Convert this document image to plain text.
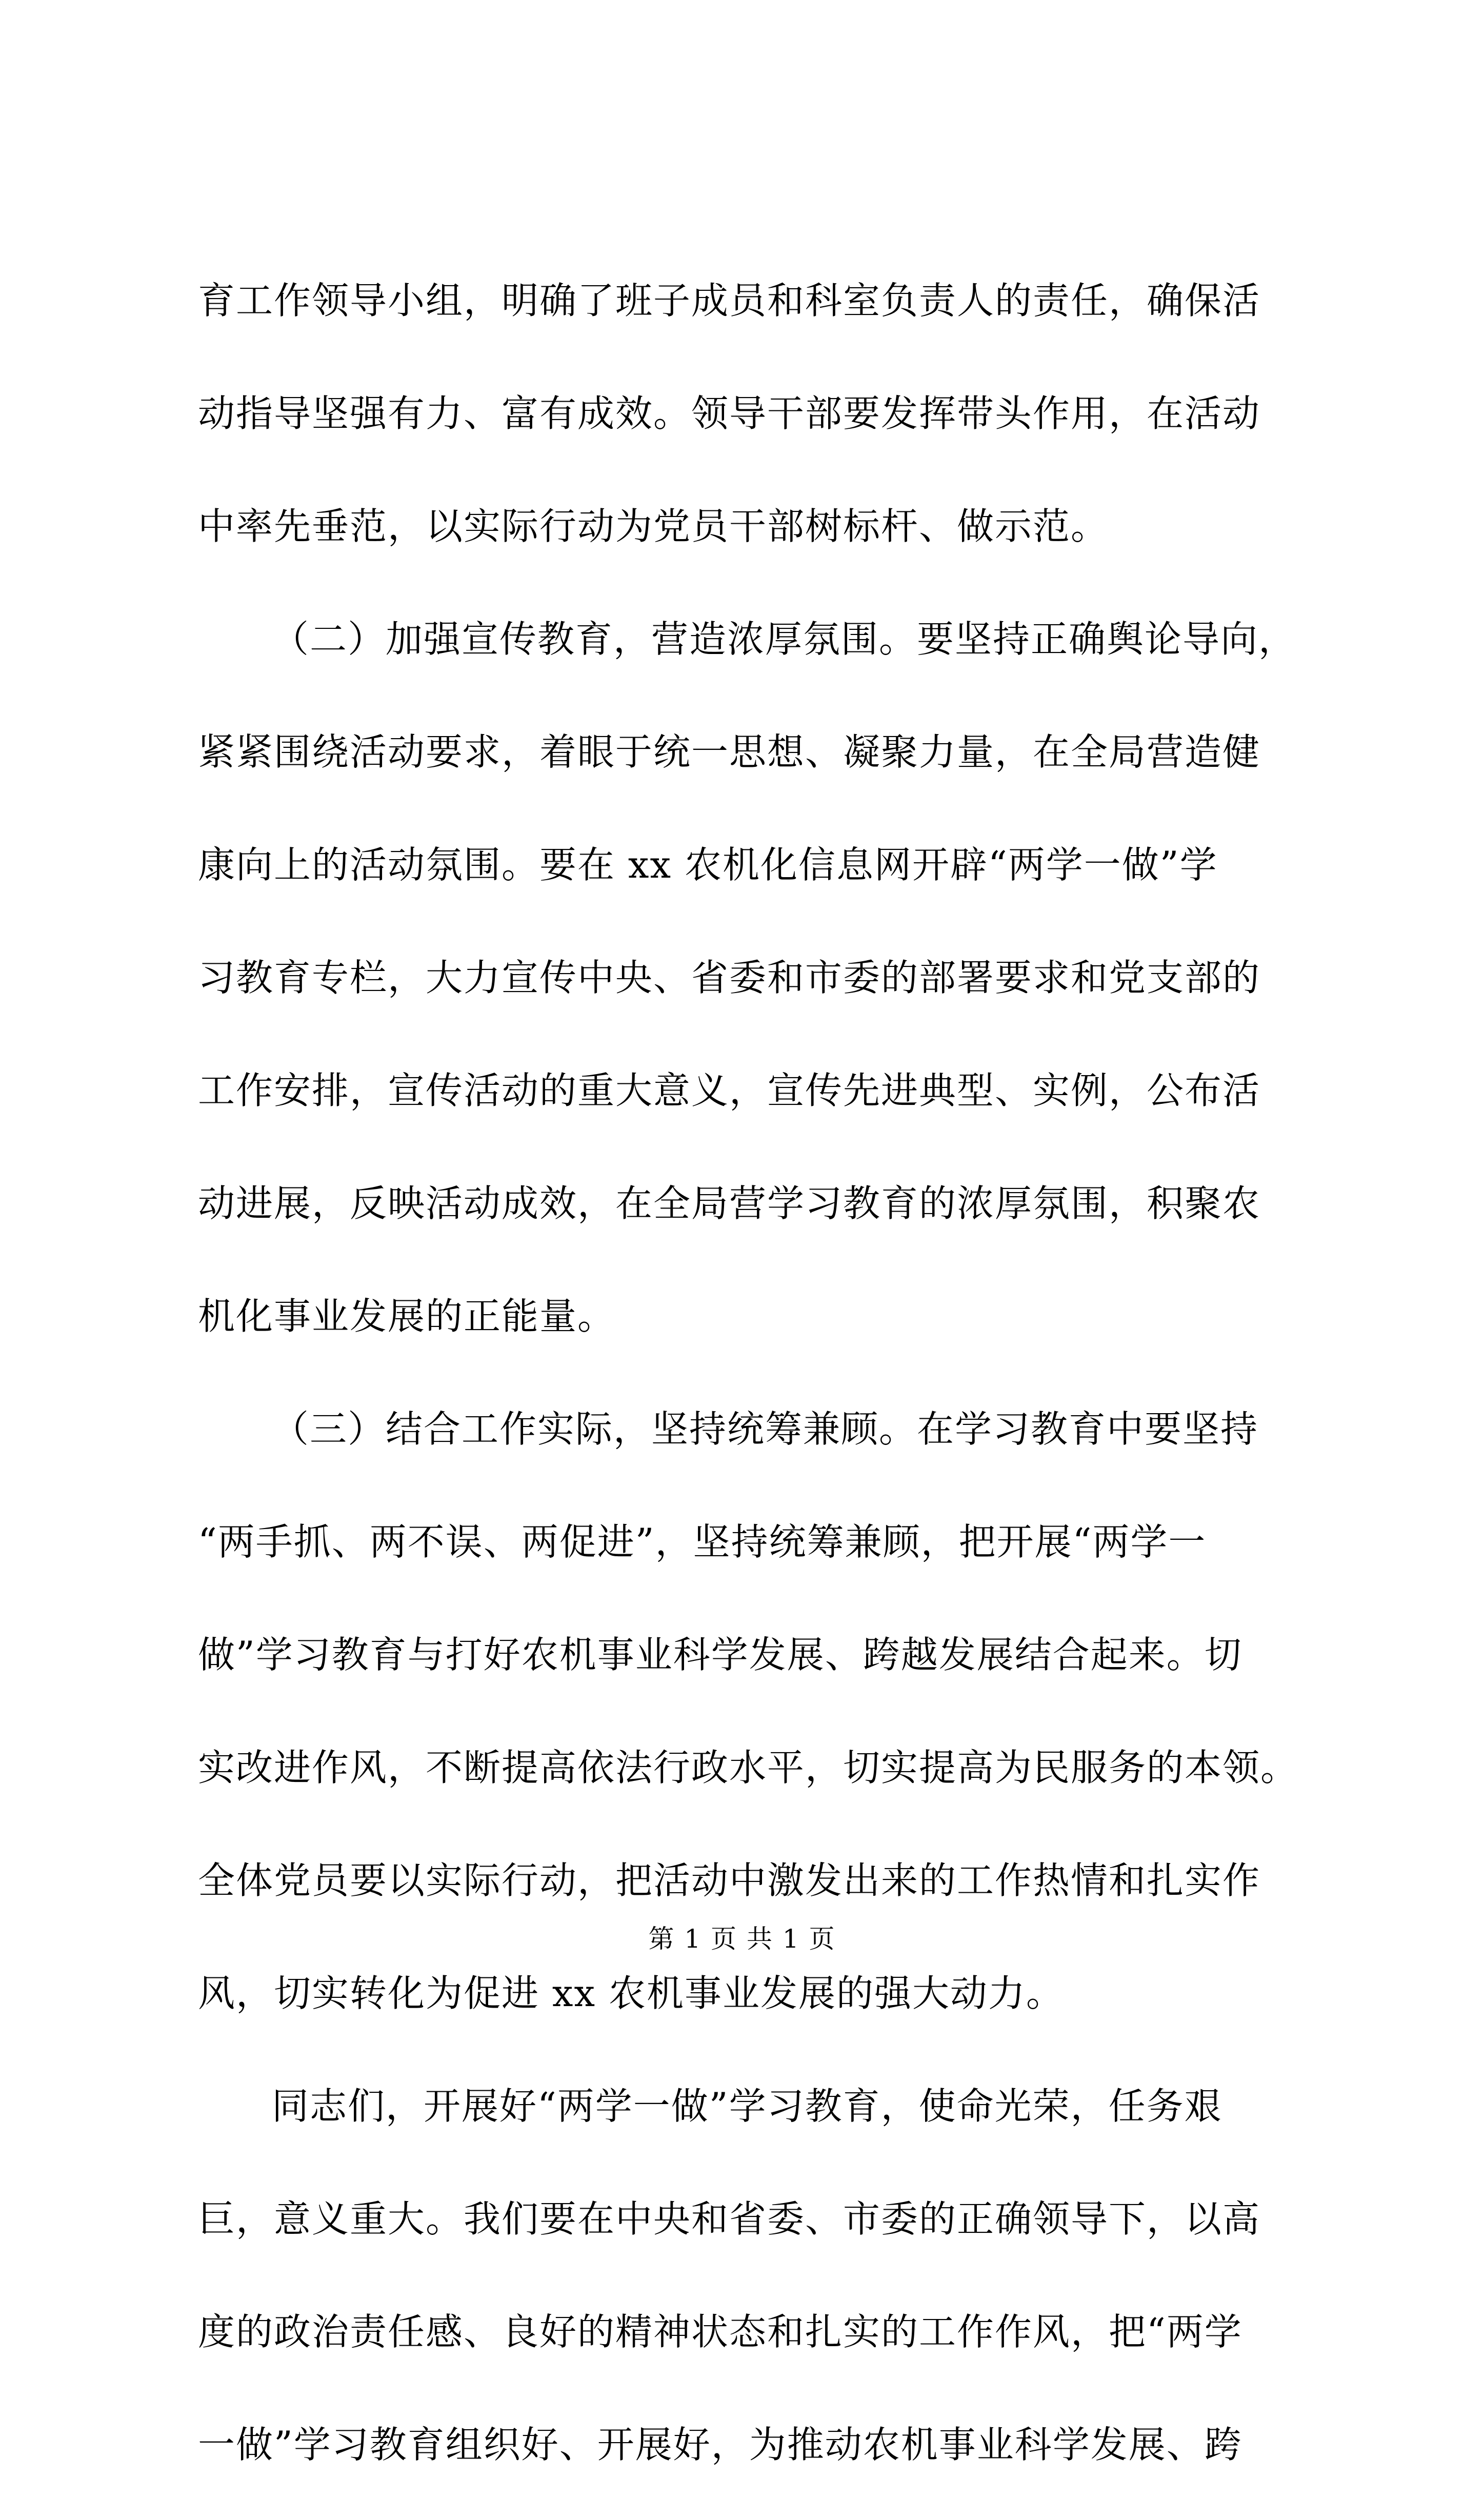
育工作领导小组，明确了班子成员和科室负责人的责任，确保活
动指导坚强有力、富有成效。领导干部要发挥带头作用，在活动
中率先垂范，以实际行动为党员干部树标杆、做示范。
（二）加强宣传教育，营造浓厚氛围。要坚持正确舆论导向，
紧紧围绕活动要求，着眼于统一思想、凝聚力量，在全局营造健
康向上的活动氛围。要在 xx 农机化信息网开辟“两学一做”学
习教育专栏，大力宣传中央、省委和市委的部署要求和党支部的
工作安排，宣传活动的重大意义，宣传先进典型、实例，公布活
动进展，反映活动成效，在全局营学习教育的浓厚氛围，积聚农
机化事业发展的正能量。
（三）结合工作实际，坚持统筹兼顾。在学习教育中要坚持
“两手抓、两不误、两促进”，坚持统筹兼顾，把开展“两学一
做”学习教育与打好农机事业科学发展、跨越发展结合起来。切
实改进作风，不断提高依法行政水平，切实提高为民服务的本领。
全体党员要以实际行动，把活动中激发出来的工作热情和扎实作
风，切实转化为促进 xx 农机事业发展的强大动力。
同志们，开展好“两学一做”学习教育，使命光荣，任务艰
巨，意义重大。我们要在中央和省委、市委的正确领导下，以高
度的政治责任感、良好的精神状态和扎实的工作作风，把“两学
一做”学习教育组织好、开展好，为推动农机事业科学发展、跨
第 1 页 共 1 页
